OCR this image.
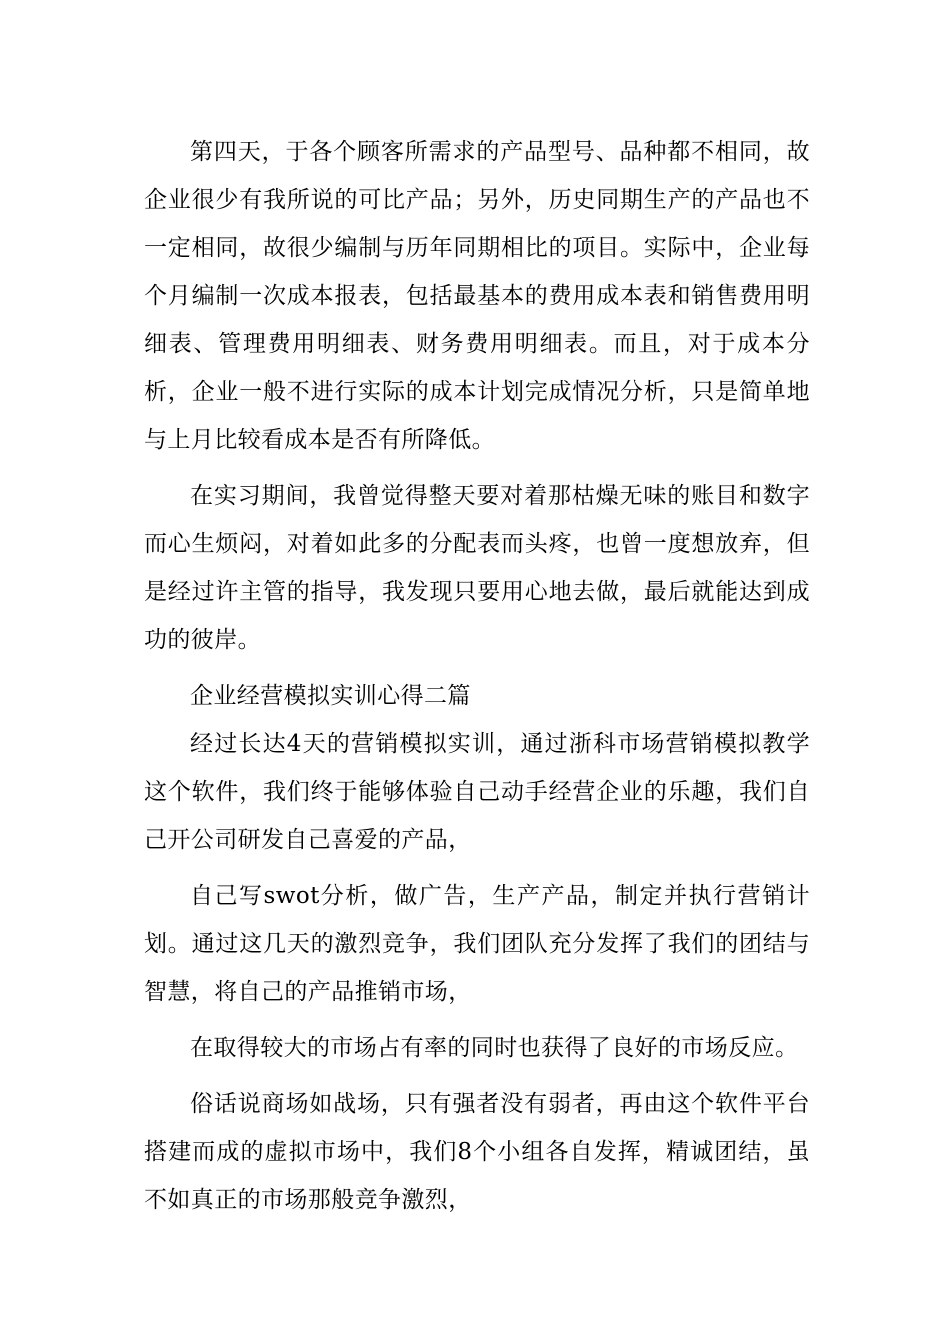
第四天，于各个顾客所需求的产品型号、品种都不相同，故企业很少有我所说的可比产品；另外，历史同期生产的产品也不一定相同，故很少编制与历年同期相比的项目。实际中，企业每个月编制一次成本报表，包括最基本的费用成本表和销售费用明细表、管理费用明细表、财务费用明细表。而且，对于成本分析，企业一般不进行实际的成本计划完成情况分析，只是简单地与上月比较看成本是否有所降低。

在实习期间，我曾觉得整天要对着那枯燥无味的账目和数字而心生烦闷，对着如此多的分配表而头疼，也曾一度想放弃，但是经过许主管的指导，我发现只要用心地去做，最后就能达到成功的彼岸。

企业经营模拟实训心得二篇

经过长达4天的营销模拟实训，通过浙科市场营销模拟教学这个软件，我们终于能够体验自己动手经营企业的乐趣，我们自己开公司研发自己喜爱的产品，

自己写swot分析，做广告，生产产品，制定并执行营销计划。通过这几天的激烈竞争，我们团队充分发挥了我们的团结与智慧，将自己的产品推销市场，

在取得较大的市场占有率的同时也获得了良好的市场反应。

俗话说商场如战场，只有强者没有弱者，再由这个软件平台搭建而成的虚拟市场中，我们8个小组各自发挥，精诚团结，虽不如真正的市场那般竞争激烈，
